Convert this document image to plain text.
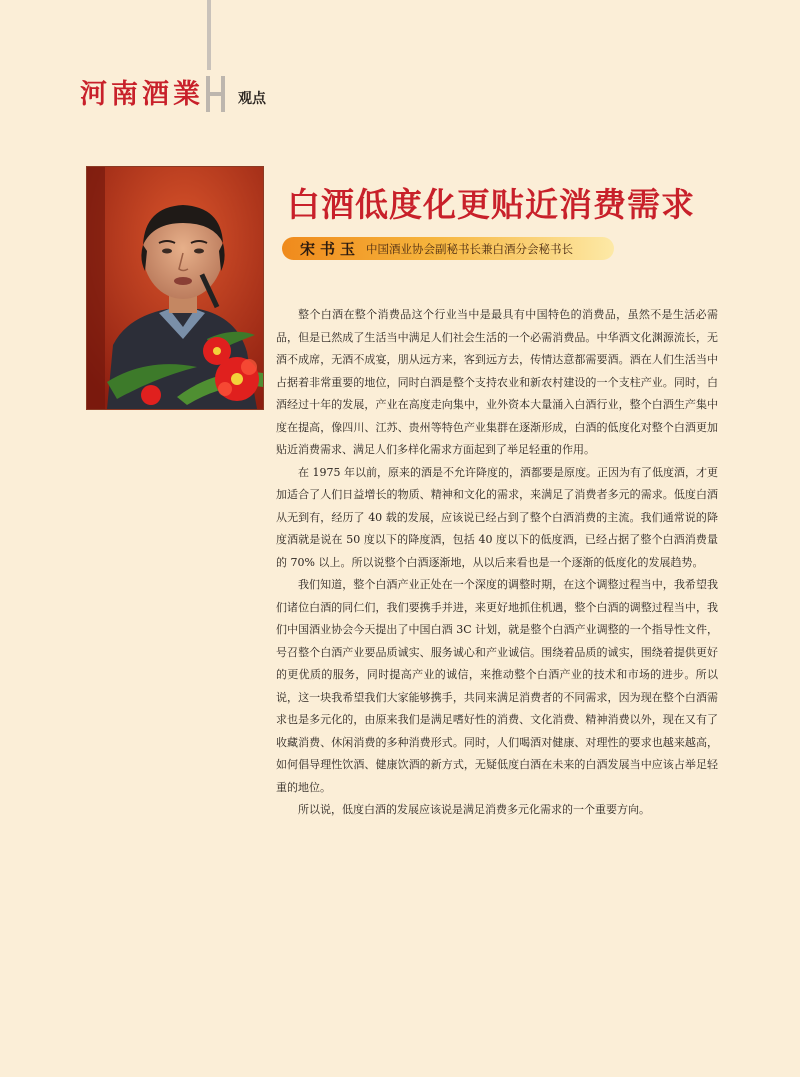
河南酒業 观点
白酒低度化更贴近消费需求
宋书玉 中国酒业协会副秘书长兼白酒分会秘书长

整个白酒在整个消费品这个行业当中是最具有中国特色的消费品，虽然不是生活必需品，但是已然成了生活当中满足人们社会生活的一个必需消费品。中华酒文化渊源流长，无酒不成席，无酒不成宴，朋从远方来，客到远方去，传情达意都需要酒。酒在人们生活当中占据着非常重要的地位，同时白酒是整个支持农业和新农村建设的一个支柱产业。同时，白酒经过十年的发展，产业在高度走向集中，业外资本大量涌入白酒行业，整个白酒生产集中度在提高，像四川、江苏、贵州等特色产业集群在逐渐形成，白酒的低度化对整个白酒更加贴近消费需求、满足人们多样化需求方面起到了举足轻重的作用。

在 1975 年以前，原来的酒是不允许降度的，酒都要是原度。正因为有了低度酒，才更加适合了人们日益增长的物质、精神和文化的需求，来满足了消费者多元的需求。低度白酒从无到有，经历了 40 载的发展，应该说已经占到了整个白酒消费的主流。我们通常说的降度酒就是说在 50 度以下的降度酒，包括 40 度以下的低度酒，已经占据了整个白酒消费量的 70% 以上。所以说整个白酒逐渐地，从以后来看也是一个逐渐的低度化的发展趋势。

我们知道，整个白酒产业正处在一个深度的调整时期，在这个调整过程当中，我希望我们诸位白酒的同仁们，我们要携手并进，来更好地抓住机遇，整个白酒的调整过程当中，我们中国酒业协会今天提出了中国白酒 3C 计划，就是整个白酒产业调整的一个指导性文件，号召整个白酒产业要品质诚实、服务诚心和产业诚信。围绕着品质的诚实，围绕着提供更好的更优质的服务，同时提高产业的诚信，来推动整个白酒产业的技术和市场的进步。所以说，这一块我希望我们大家能够携手，共同来满足消费者的不同需求，因为现在整个白酒需求也是多元化的，由原来我们是满足嗜好性的消费、文化消费、精神消费以外，现在又有了收藏消费、休闲消费的多种消费形式。同时，人们喝酒对健康、对理性的要求也越来越高，如何倡导理性饮酒、健康饮酒的新方式，无疑低度白酒在未来的白酒发展当中应该占举足轻重的地位。

所以说，低度白酒的发展应该说是满足消费多元化需求的一个重要方向。
